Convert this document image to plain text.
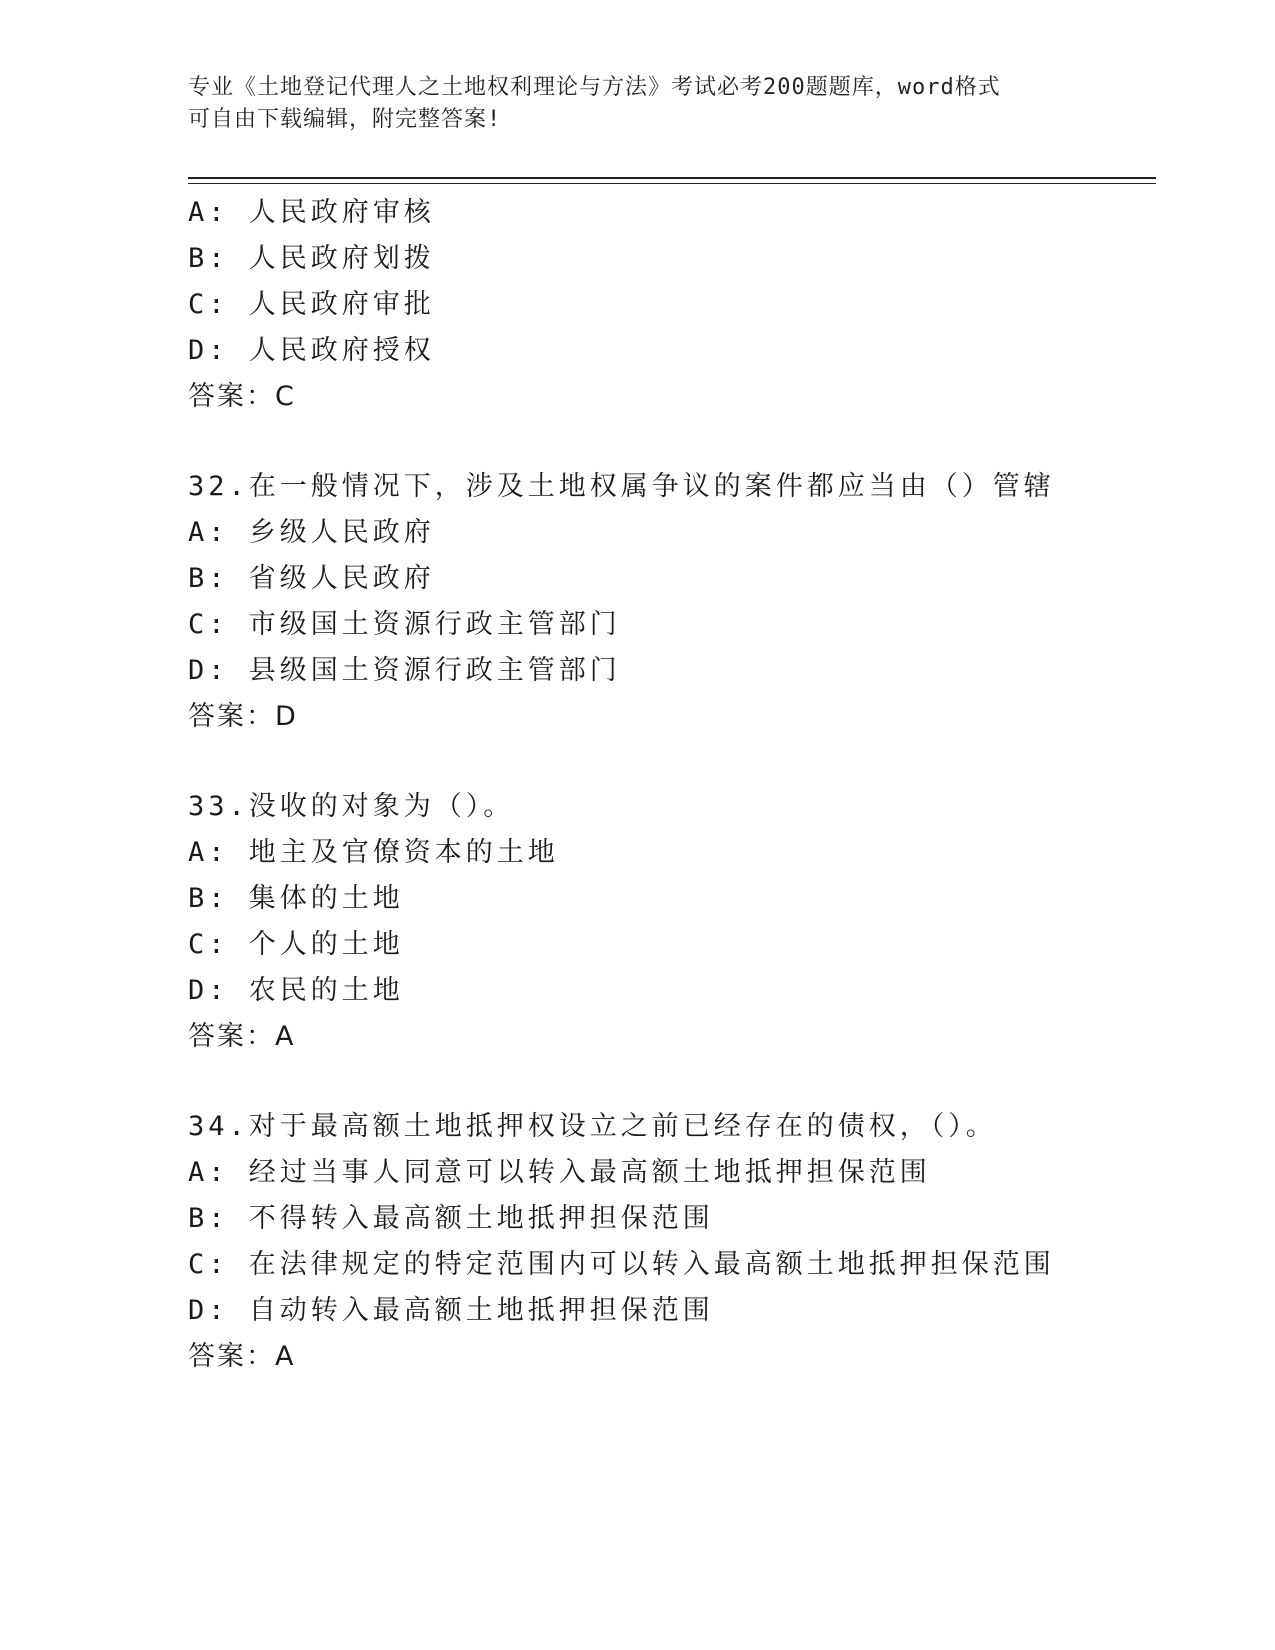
专业《土地登记代理人之土地权利理论与方法》考试必考200题题库，word格式
可自由下载编辑，附完整答案!
A: 人民政府审核
B: 人民政府划拨
C: 人民政府审批
D: 人民政府授权
答案：C
32.在一般情况下，涉及土地权属争议的案件都应当由（）管辖
A: 乡级人民政府
B: 省级人民政府
C: 市级国土资源行政主管部门
D: 县级国土资源行政主管部门
答案：D
33.没收的对象为（）。
A: 地主及官僚资本的土地
B: 集体的土地
C: 个人的土地
D: 农民的土地
答案：A
34.对于最高额土地抵押权设立之前已经存在的债权，（）。
A: 经过当事人同意可以转入最高额土地抵押担保范围
B: 不得转入最高额土地抵押担保范围
C: 在法律规定的特定范围内可以转入最高额土地抵押担保范围
D: 自动转入最高额土地抵押担保范围
答案：A
